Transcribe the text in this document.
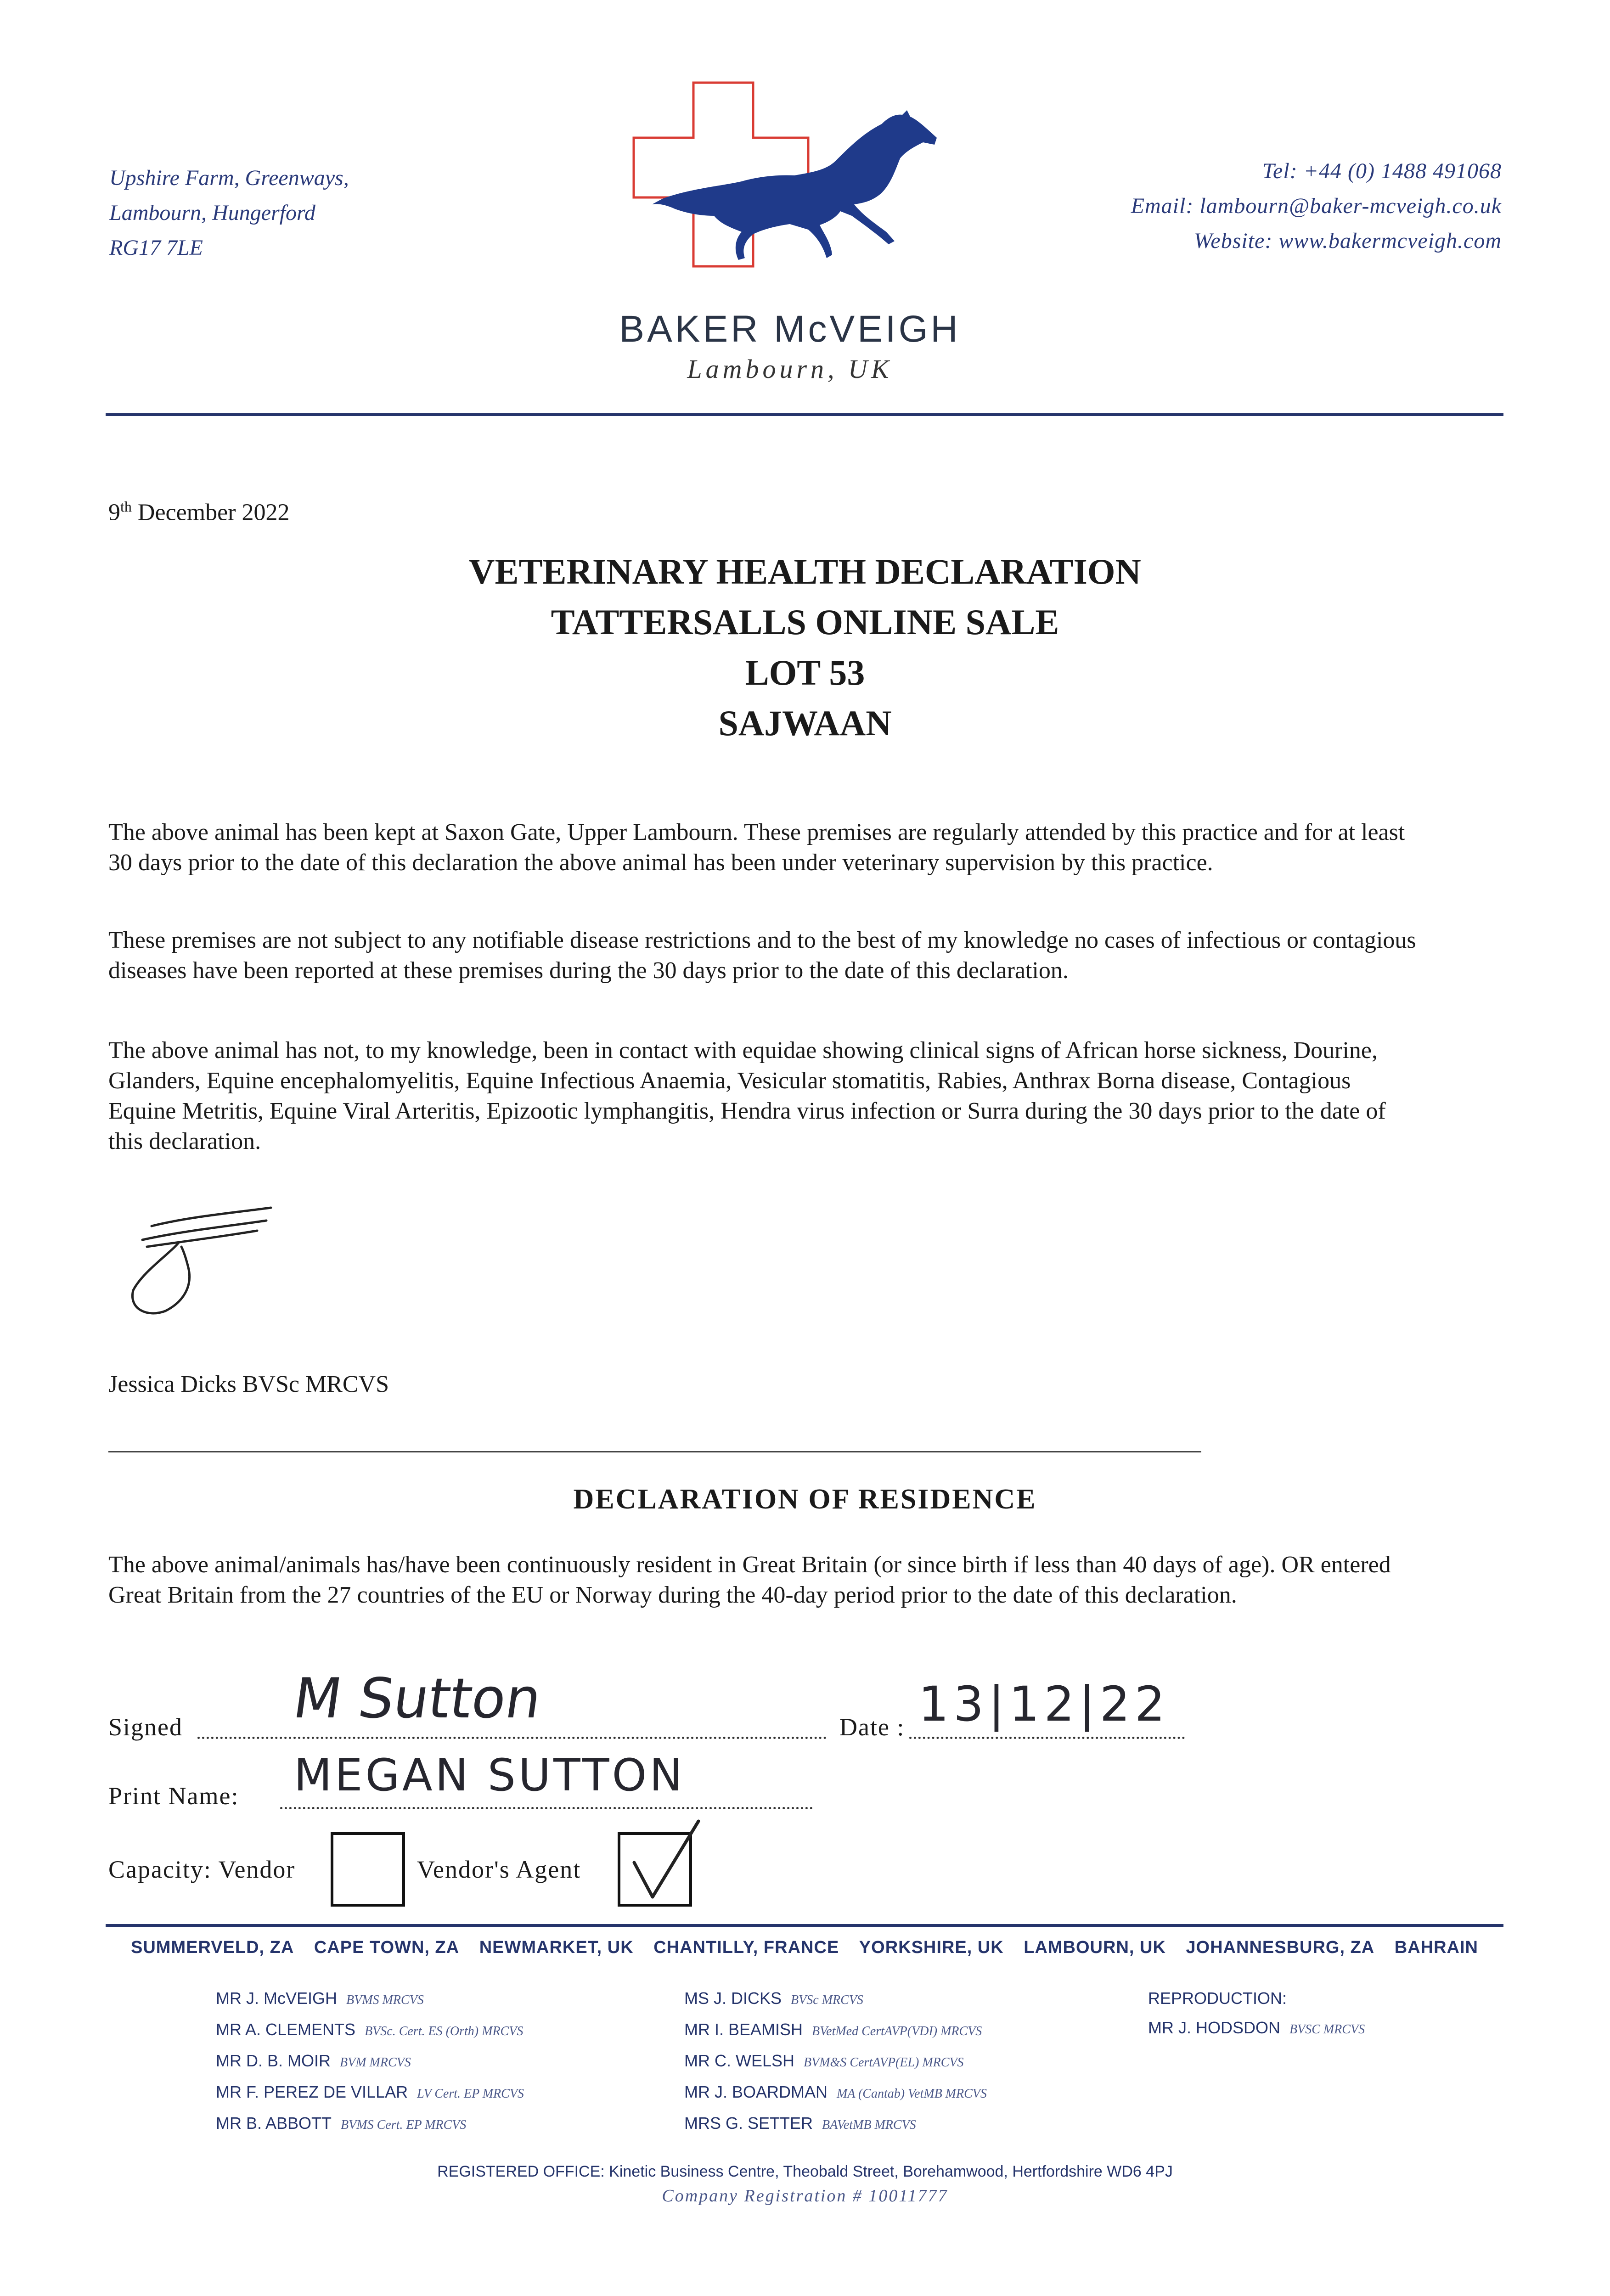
Upshire Farm, Greenways,
Lambourn, Hungerford
RG17 7LE
Tel: +44 (0) 1488 491068
Email: lambourn@baker-mcveigh.co.uk
Website: www.bakermcveigh.com
BAKER McVEIGH
Lambourn, UK
9th December 2022
VETERINARY HEALTH DECLARATION
TATTERSALLS ONLINE SALE
LOT 53
SAJWAAN
The above animal has been kept at Saxon Gate, Upper Lambourn. These premises are regularly attended by this practice and for at least 30 days prior to the date of this declaration the above animal has been under veterinary supervision by this practice.
These premises are not subject to any notifiable disease restrictions and to the best of my knowledge no cases of infectious or contagious diseases have been reported at these premises during the 30 days prior to the date of this declaration.
The above animal has not, to my knowledge, been in contact with equidae showing clinical signs of African horse sickness, Dourine, Glanders, Equine encephalomyelitis, Equine Infectious Anaemia, Vesicular stomatitis, Rabies, Anthrax Borna disease, Contagious Equine Metritis, Equine Viral Arteritis, Epizootic lymphangitis, Hendra virus infection or Surra during the 30 days prior to the date of this declaration.
Jessica Dicks BVSc MRCVS
DECLARATION OF RESIDENCE
The above animal/animals has/have been continuously resident in Great Britain (or since birth if less than 40 days of age). OR entered Great Britain from the 27 countries of the EU or Norway during the 40-day period prior to the date of this declaration.
Signed M Sutton	Date : 13|12|22
Print Name: MEGAN SUTTON
Capacity: Vendor	Vendor's Agent
SUMMERVELD, ZA CAPE TOWN, ZA NEWMARKET, UK CHANTILLY, FRANCE YORKSHIRE, UK LAMBOURN, UK JOHANNESBURG, ZA BAHRAIN
MR J. McVEIGH BVMS MRCVS
MR A. CLEMENTS BVSc. Cert. ES (Orth) MRCVS
MR D. B. MOIR BVM MRCVS
MR F. PEREZ DE VILLAR LV Cert. EP MRCVS
MR B. ABBOTT BVMS Cert. EP MRCVS
MS J. DICKS BVSc MRCVS
MR I. BEAMISH BVetMed CertAVP(VDI) MRCVS
MR C. WELSH BVM&S CertAVP(EL) MRCVS
MR J. BOARDMAN MA (Cantab) VetMB MRCVS
MRS G. SETTER BAVetMB MRCVS
REPRODUCTION:
MR J. HODSDON BVSC MRCVS
REGISTERED OFFICE: Kinetic Business Centre, Theobald Street, Borehamwood, Hertfordshire WD6 4PJ
Company Registration # 10011777
